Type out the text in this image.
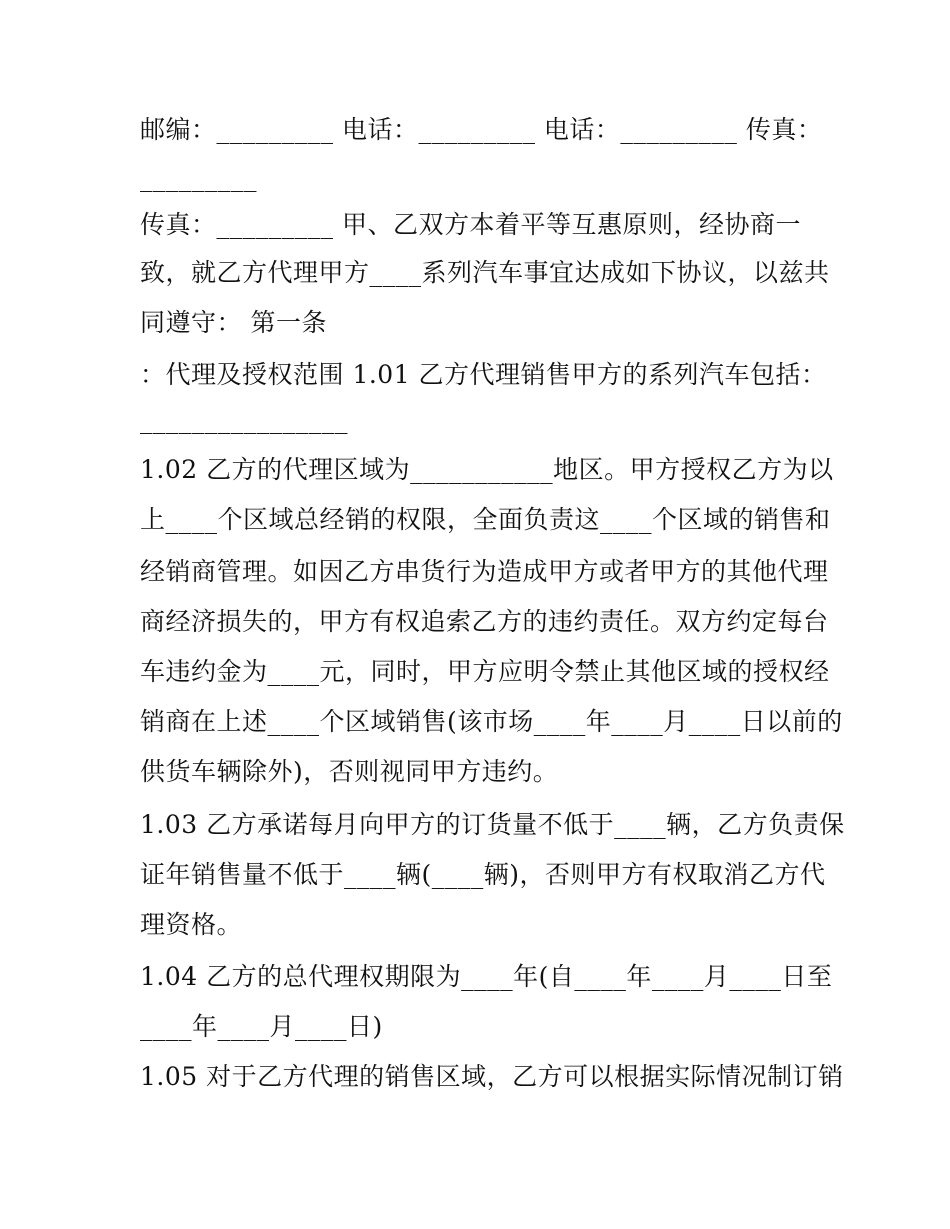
邮编：_________ 电话：_________ 电话：_________ 传真：
_________
传真：_________ 甲、乙双方本着平等互惠原则，经协商一
致，就乙方代理甲方____系列汽车事宜达成如下协议，以兹共
同遵守： 第一条
：代理及授权范围 1.01 乙方代理销售甲方的系列汽车包括：
________________
1.02 乙方的代理区域为___________地区。甲方授权乙方为以
上____个区域总经销的权限，全面负责这____个区域的销售和
经销商管理。如因乙方串货行为造成甲方或者甲方的其他代理
商经济损失的，甲方有权追索乙方的违约责任。双方约定每台
车违约金为____元，同时，甲方应明令禁止其他区域的授权经
销商在上述____个区域销售(该市场____年____月____日以前的
供货车辆除外)，否则视同甲方违约。
1.03 乙方承诺每月向甲方的订货量不低于____辆，乙方负责保
证年销售量不低于____辆(____辆)，否则甲方有权取消乙方代
理资格。
1.04 乙方的总代理权期限为____年(自____年____月____日至
____年____月____日)
1.05 对于乙方代理的销售区域，乙方可以根据实际情况制订销
